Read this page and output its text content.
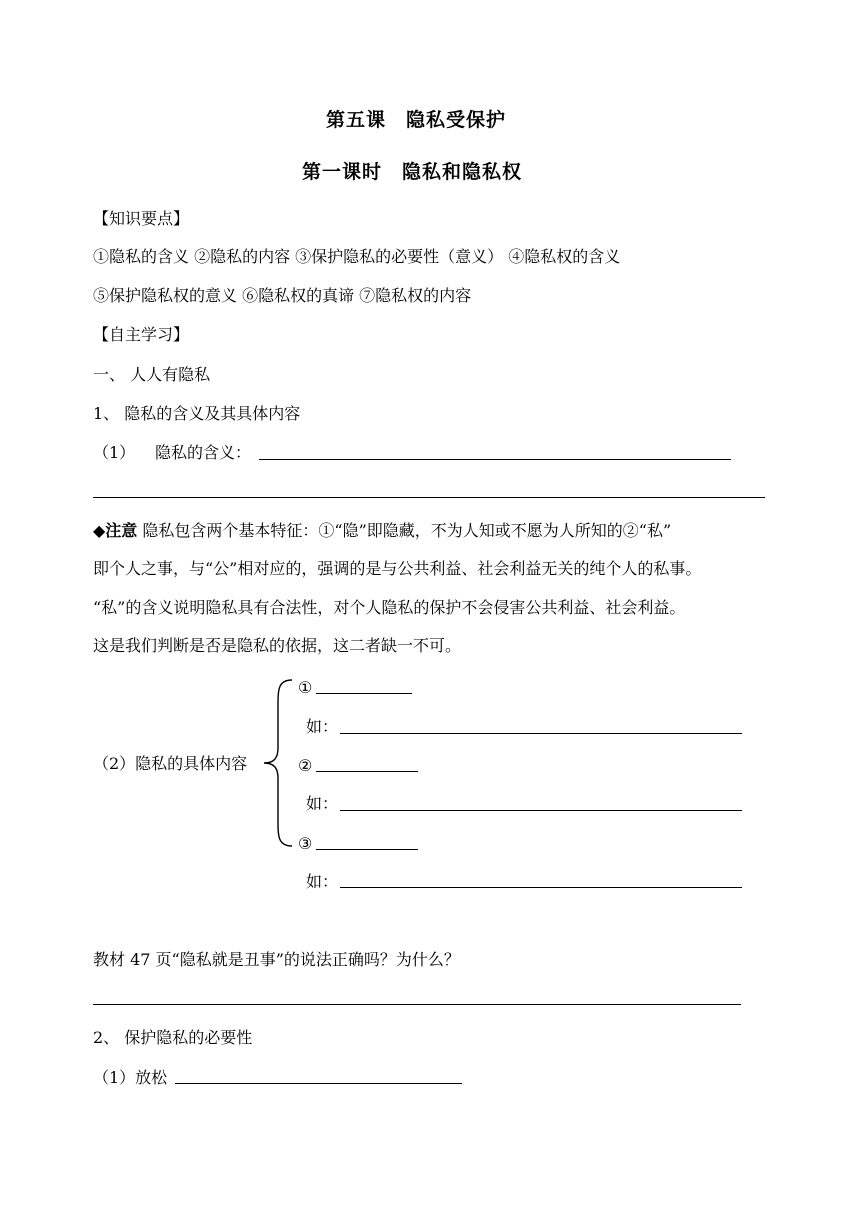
第五课　隐私受保护
第一课时　隐私和隐私权
【知识要点】
①隐私的含义 ②隐私的内容 ③保护隐私的必要性（意义） ④隐私权的含义
⑤保护隐私权的意义 ⑥隐私权的真谛 ⑦隐私权的内容
【自主学习】
一、 人人有隐私
1、 隐私的含义及其具体内容
（1） 隐私的含义：
◆注意 隐私包含两个基本特征：①“隐”即隐藏，不为人知或不愿为人所知的②“私”
即个人之事，与“公”相对应的，强调的是与公共利益、社会利益无关的纯个人的私事。
“私”的含义说明隐私具有合法性，对个人隐私的保护不会侵害公共利益、社会利益。
这是我们判断是否是隐私的依据，这二者缺一不可。
（2）隐私的具体内容
①
如：
②
如：
③
如：
教材 47 页“隐私就是丑事”的说法正确吗？为什么？
2、 保护隐私的必要性
（1）放松
